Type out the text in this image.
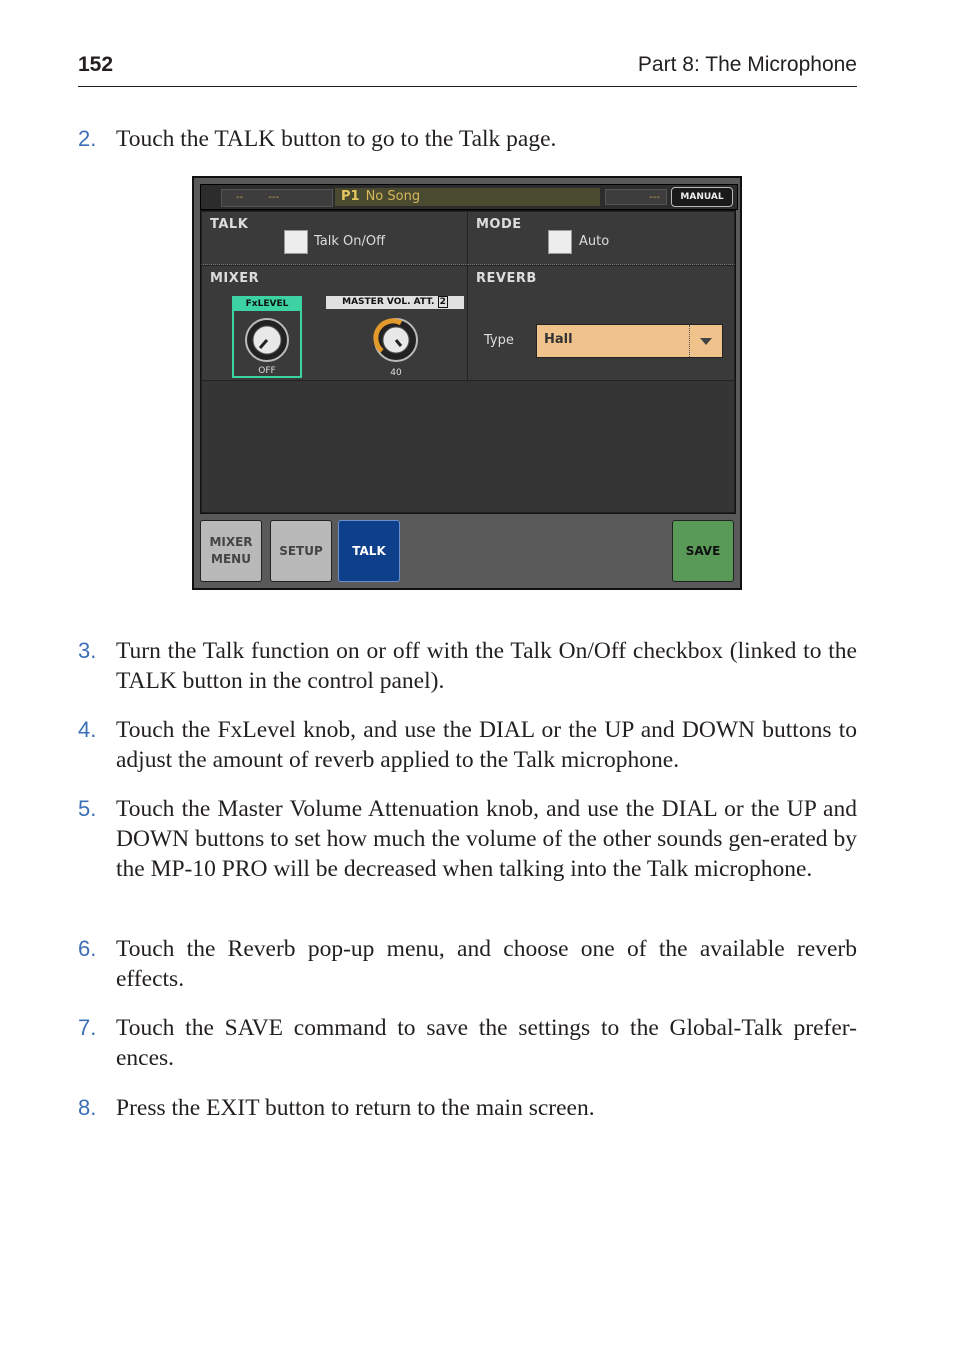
152	Part 8: The Microphone
2. Touch the TALK button to go to the Talk page.
--	---	P1 No Song	---	MANUAL
TALK
Talk On/Off
MODE
Auto
MIXER
FxLEVEL
OFF
MASTER VOL. ATT. 2
40
REVERB
Type Hall
MIXER
MENU
SETUP	TALK	SAVE
3. Turn the Talk function on or off with the Talk On/Off checkbox (linked to the TALK button in the control panel).
4. Touch the FxLevel knob, and use the DIAL or the UP and DOWN buttons to adjust the amount of reverb applied to the Talk microphone.
5. Touch the Master Volume Attenuation knob, and use the DIAL or the UP and DOWN buttons to set how much the volume of the other sounds gen-erated by the MP-10 PRO will be decreased when talking into the Talk microphone.
6. Touch the Reverb pop-up menu, and choose one of the available reverb effects.
7. Touch the SAVE command to save the settings to the Global-Talk prefer-ences.
8. Press the EXIT button to return to the main screen.
